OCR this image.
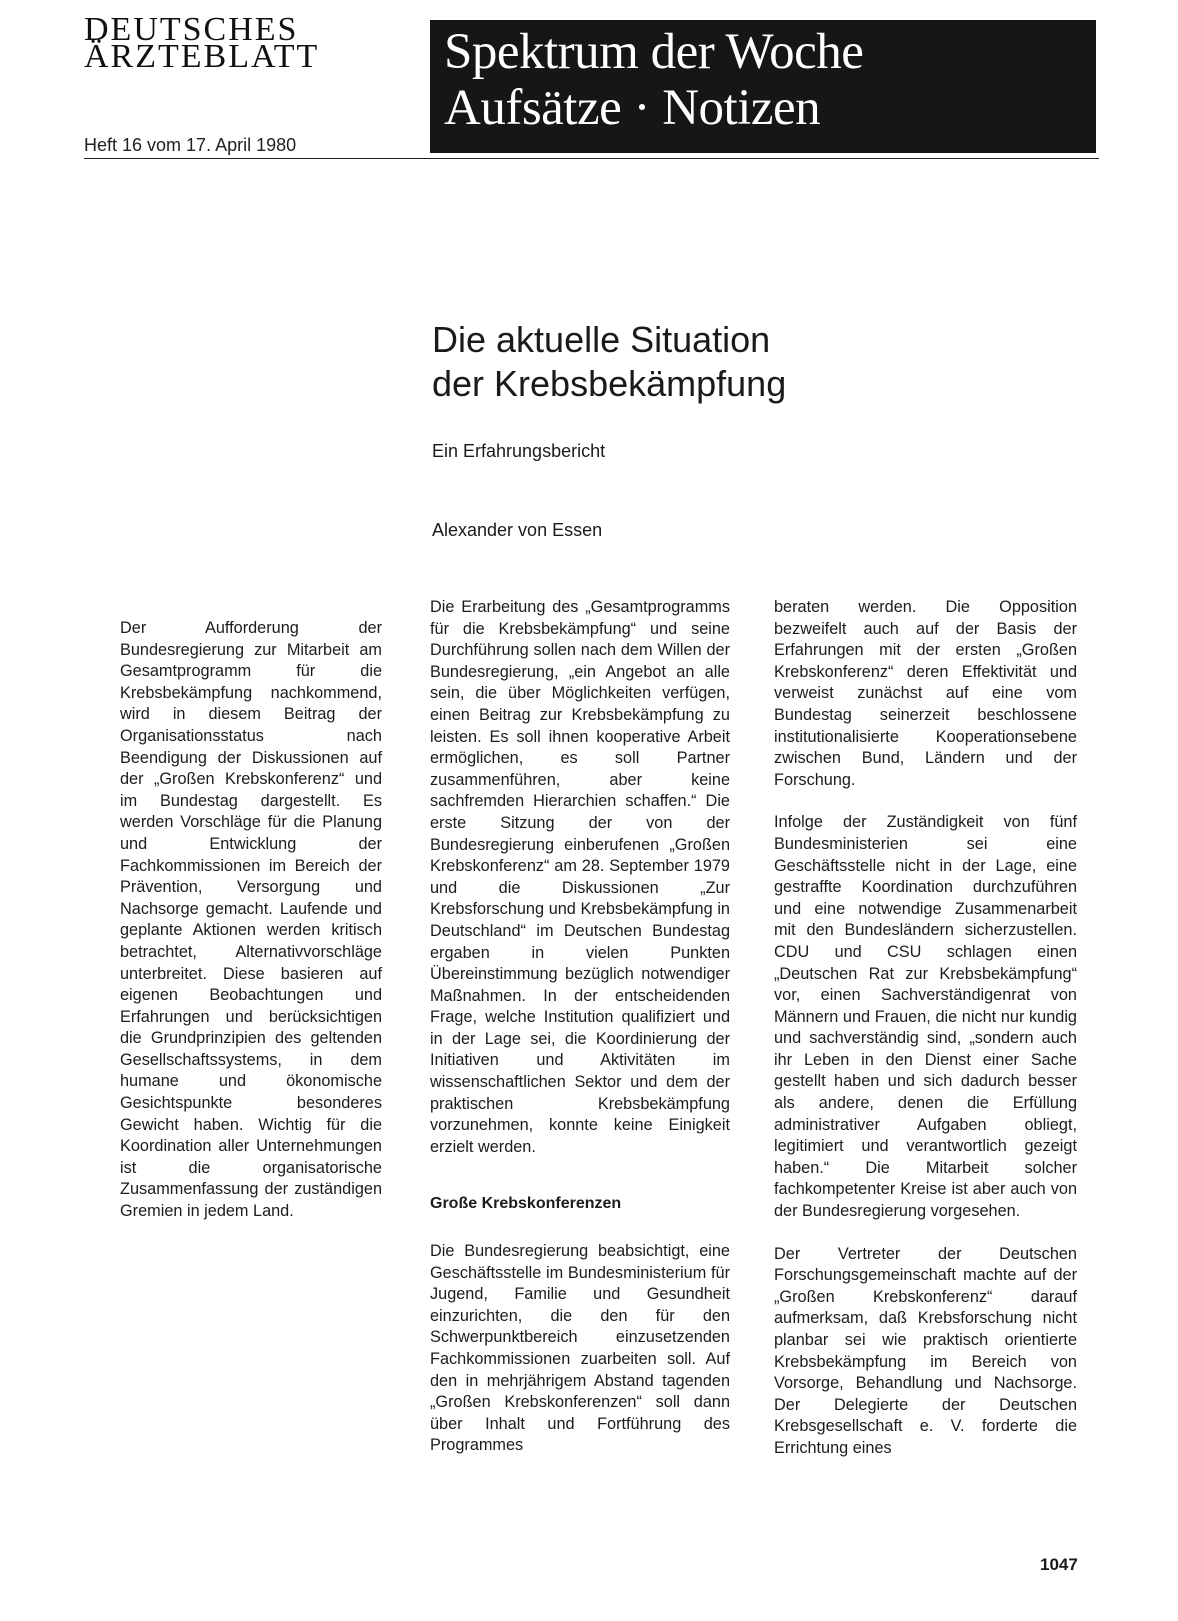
DEUTSCHES
ÄRZTEBLATT
Heft 16 vom 17. April 1980
Spektrum der Woche
Aufsätze · Notizen
Die aktuelle Situation
der Krebsbekämpfung
Ein Erfahrungsbericht
Alexander von Essen

Der Aufforderung der Bundesregierung zur Mitarbeit am Gesamtprogramm für die Krebsbekämpfung nachkommend, wird in diesem Beitrag der Organisationsstatus nach Beendigung der Diskussionen auf der „Großen Krebskonferenz“ und im Bundestag dargestellt. Es werden Vorschläge für die Planung und Entwicklung der Fachkommissionen im Bereich der Prävention, Versorgung und Nachsorge gemacht. Laufende und geplante Aktionen werden kritisch betrachtet, Alternativvorschläge unterbreitet. Diese basieren auf eigenen Beobachtungen und Erfahrungen und berücksichtigen die Grundprinzipien des geltenden Gesellschaftssystems, in dem humane und ökonomische Gesichtspunkte besonderes Gewicht haben. Wichtig für die Koordination aller Unternehmungen ist die organisatorische Zusammenfassung der zuständigen Gremien in jedem Land.

Die Erarbeitung des „Gesamtprogramms für die Krebsbekämpfung“ und seine Durchführung sollen nach dem Willen der Bundesregierung, „ein Angebot an alle sein, die über Möglichkeiten verfügen, einen Beitrag zur Krebsbekämpfung zu leisten. Es soll ihnen kooperative Arbeit ermöglichen, es soll Partner zusammenführen, aber keine sachfremden Hierarchien schaffen.“ Die erste Sitzung der von der Bundesregierung einberufenen „Großen Krebskonferenz“ am 28. September 1979 und die Diskussionen „Zur Krebsforschung und Krebsbekämpfung in Deutschland“ im Deutschen Bundestag ergaben in vielen Punkten Übereinstimmung bezüglich notwendiger Maßnahmen. In der entscheidenden Frage, welche Institution qualifiziert und in der Lage sei, die Koordinierung der Initiativen und Aktivitäten im wissenschaftlichen Sektor und dem der praktischen Krebsbekämpfung vorzunehmen, konnte keine Einigkeit erzielt werden.

Große Krebskonferenzen

Die Bundesregierung beabsichtigt, eine Geschäftsstelle im Bundesministerium für Jugend, Familie und Gesundheit einzurichten, die den für den Schwerpunktbereich einzusetzenden Fachkommissionen zuarbeiten soll. Auf den in mehrjährigem Abstand tagenden „Großen Krebskonferenzen“ soll dann über Inhalt und Fortführung des Programmes

beraten werden. Die Opposition bezweifelt auch auf der Basis der Erfahrungen mit der ersten „Großen Krebskonferenz“ deren Effektivität und verweist zunächst auf eine vom Bundestag seinerzeit beschlossene institutionalisierte Kooperationsebene zwischen Bund, Ländern und der Forschung.

Infolge der Zuständigkeit von fünf Bundesministerien sei eine Geschäftsstelle nicht in der Lage, eine gestraffte Koordination durchzuführen und eine notwendige Zusammenarbeit mit den Bundesländern sicherzustellen. CDU und CSU schlagen einen „Deutschen Rat zur Krebsbekämpfung“ vor, einen Sachverständigenrat von Männern und Frauen, die nicht nur kundig und sachverständig sind, „sondern auch ihr Leben in den Dienst einer Sache gestellt haben und sich dadurch besser als andere, denen die Erfüllung administrativer Aufgaben obliegt, legitimiert und verantwortlich gezeigt haben.“ Die Mitarbeit solcher fachkompetenter Kreise ist aber auch von der Bundesregierung vorgesehen.

Der Vertreter der Deutschen Forschungsgemeinschaft machte auf der „Großen Krebskonferenz“ darauf aufmerksam, daß Krebsforschung nicht planbar sei wie praktisch orientierte Krebsbekämpfung im Bereich von Vorsorge, Behandlung und Nachsorge. Der Delegierte der Deutschen Krebsgesellschaft e. V. forderte die Errichtung eines

1047
